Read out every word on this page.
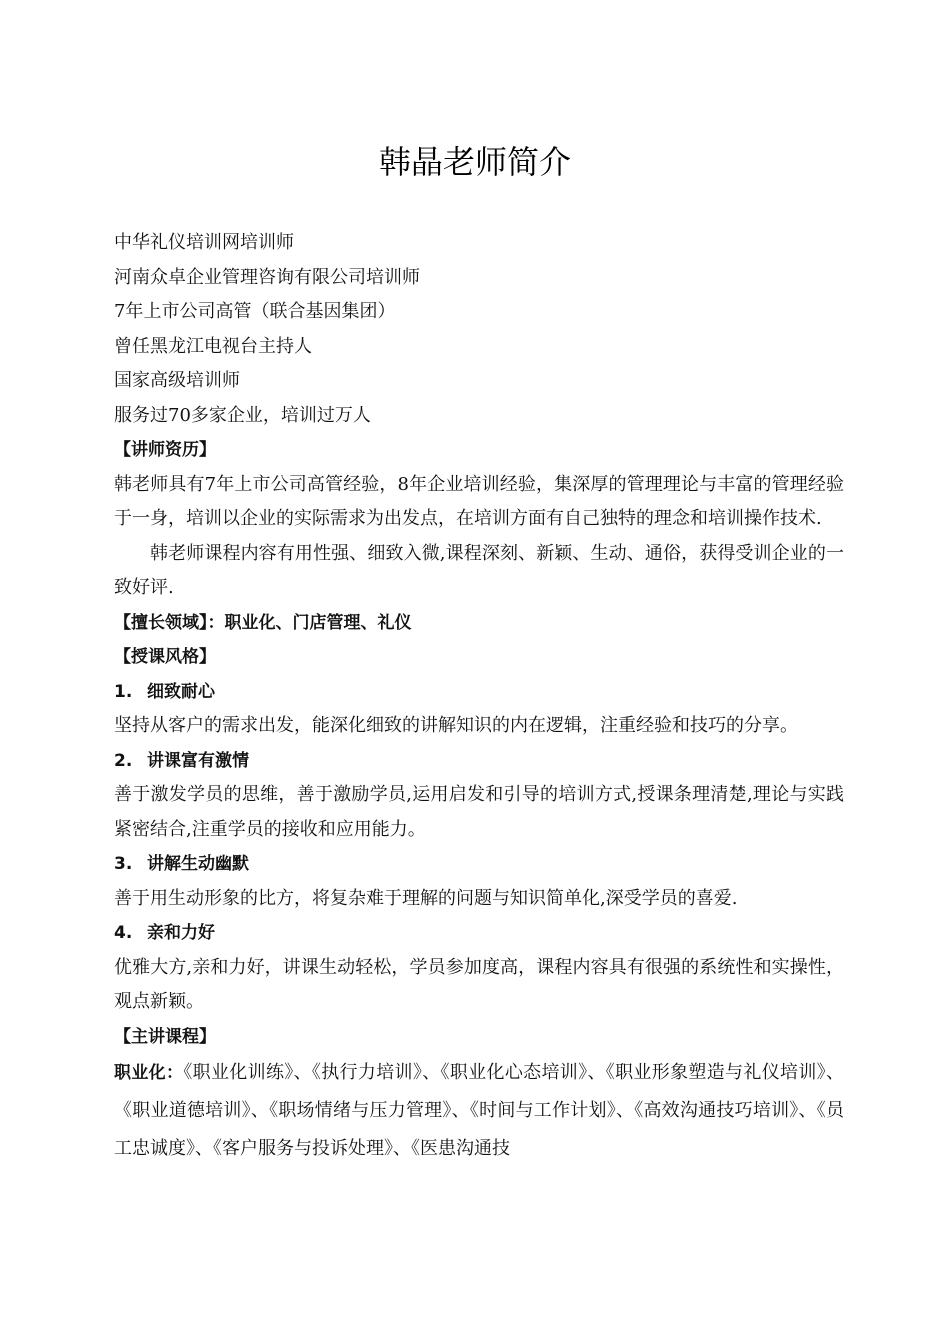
韩晶老师简介

中华礼仪培训网培训师

河南众卓企业管理咨询有限公司培训师

7年上市公司高管（联合基因集团）

曾任黑龙江电视台主持人

国家高级培训师

服务过70多家企业，培训过万人

【讲师资历】

韩老师具有7年上市公司高管经验，8年企业培训经验，集深厚的管理理论与丰富的管理经验于一身，培训以企业的实际需求为出发点，在培训方面有自己独特的理念和培训操作技术.

韩老师课程内容有用性强、细致入微,课程深刻、新颖、生动、通俗，获得受训企业的一致好评.

【擅长领域】：职业化、门店管理、礼仪

【授课风格】

1. 细致耐心

坚持从客户的需求出发，能深化细致的讲解知识的内在逻辑，注重经验和技巧的分享。

2. 讲课富有激情

善于激发学员的思维，善于激励学员,运用启发和引导的培训方式,授课条理清楚,理论与实践紧密结合,注重学员的接收和应用能力。

3. 讲解生动幽默

善于用生动形象的比方，将复杂难于理解的问题与知识简单化,深受学员的喜爱.

4. 亲和力好

优雅大方,亲和力好，讲课生动轻松，学员参加度高，课程内容具有很强的系统性和实操性，观点新颖。

【主讲课程】

职业化：《职业化训练》、《执行力培训》、《职业化心态培训》、《职业形象塑造与礼仪培训》、《职业道德培训》、《职场情绪与压力管理》、《时间与工作计划》、《高效沟通技巧培训》、《员工忠诚度》、《客户服务与投诉处理》、《医患沟通技
